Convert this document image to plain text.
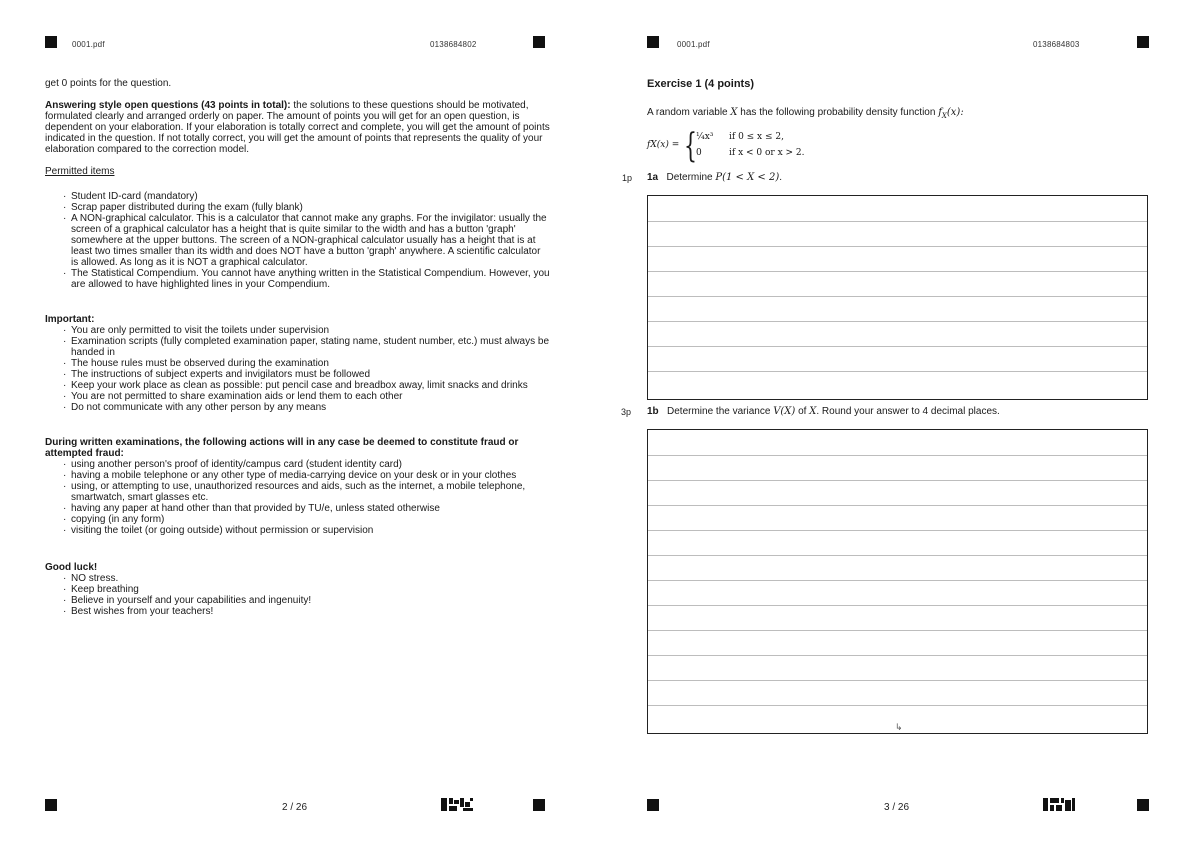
0001.pdf	0138684802

get 0 points for the question.

Answering style open questions (43 points in total): the solutions to these questions should be motivated, formulated clearly and arranged orderly on paper. The amount of points you will get for an open question, is dependent on your elaboration. If your elaboration is totally correct and complete, you will get the amount of points indicated in the question. If not totally correct, you will get the amount of points that represents the quality of your elaboration compared to the correction model.

Permitted items

· Student ID-card (mandatory)
· Scrap paper distributed during the exam (fully blank)
· A NON-graphical calculator. This is a calculator that cannot make any graphs. For the invigilator: usually the screen of a graphical calculator has a height that is quite similar to the width and has a button 'graph' somewhere at the upper buttons. The screen of a NON-graphical calculator usually has a height that is at least two times smaller than its width and does NOT have a button 'graph' anywhere. A scientific calculator is allowed. As long as it is NOT a graphical calculator.
· The Statistical Compendium. You cannot have anything written in the Statistical Compendium. However, you are allowed to have highlighted lines in your Compendium.

Important:

· You are only permitted to visit the toilets under supervision
· Examination scripts (fully completed examination paper, stating name, student number, etc.) must always be handed in
· The house rules must be observed during the examination
· The instructions of subject experts and invigilators must be followed
· Keep your work place as clean as possible: put pencil case and breadbox away, limit snacks and drinks
· You are not permitted to share examination aids or lend them to each other
· Do not communicate with any other person by any means

During written examinations, the following actions will in any case be deemed to constitute fraud or attempted fraud:

· using another person's proof of identity/campus card (student identity card)
· having a mobile telephone or any other type of media-carrying device on your desk or in your clothes
· using, or attempting to use, unauthorized resources and aids, such as the internet, a mobile telephone, smartwatch, smart glasses etc.
· having any paper at hand other than that provided by TU/e, unless stated otherwise
· copying (in any form)
· visiting the toilet (or going outside) without permission or supervision

Good luck!

· NO stress.
· Keep breathing
· Believe in yourself and your capabilities and ingenuity!
· Best wishes from your teachers!
2 / 26
0001.pdf	0138684803
3 / 26
Exercise 1 (4 points)
A random variable X has the following probability density function $f_X(x)$:
fX(x) = { ¼x³ if 0 ≤ x ≤ 2,
0	if x < 0 or x > 2.
1p 1a Determine P(1 < X < 2).
3p 1b Determine the variance V(X) of X. Round your answer to 4 decimal places.
↳
